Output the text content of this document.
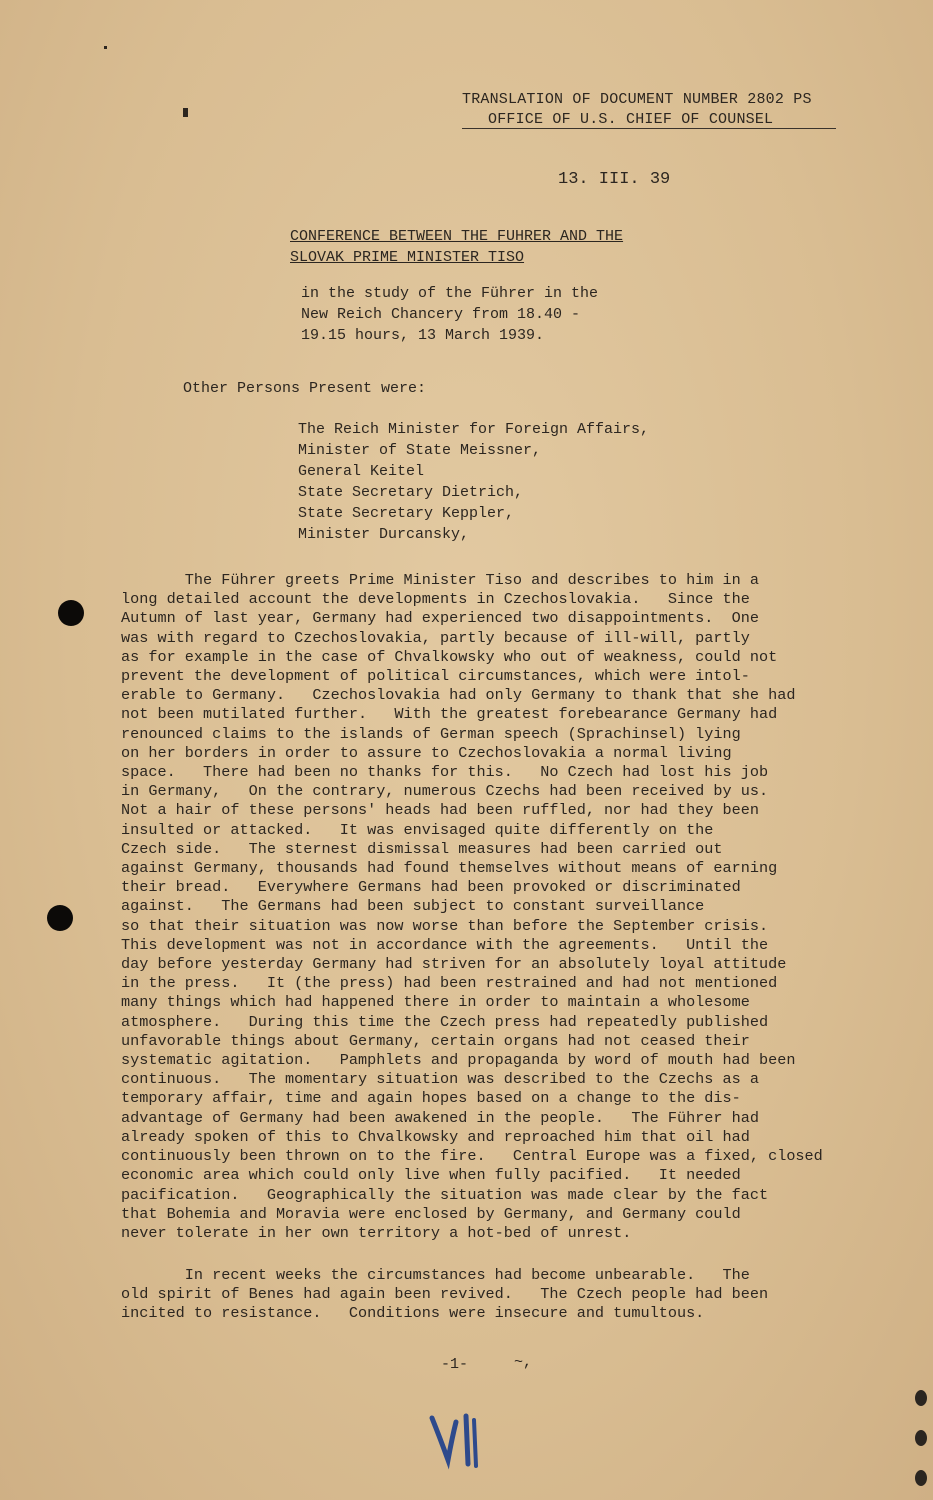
TRANSLATION OF DOCUMENT NUMBER 2802 PS

OFFICE OF U.S. CHIEF OF COUNSEL
13. III. 39
CONFERENCE BETWEEN THE FUHRER AND THE
SLOVAK PRIME MINISTER TISO
in the study of the Führer in the
New Reich Chancery from 18.40 -
19.15 hours, 13 March 1939.
Other Persons Present were:
The Reich Minister for Foreign Affairs,
Minister of State Meissner,
General Keitel
State Secretary Dietrich,
State Secretary Keppler,
Minister Durcansky,
The Führer greets Prime Minister Tiso and describes to him in a
long detailed account the developments in Czechoslovakia.   Since the
Autumn of last year, Germany had experienced two disappointments.  One
was with regard to Czechoslovakia, partly because of ill-will, partly
as for example in the case of Chvalkowsky who out of weakness, could not
prevent the development of political circumstances, which were intol-
erable to Germany.   Czechoslovakia had only Germany to thank that she had
not been mutilated further.   With the greatest forebearance Germany had
renounced claims to the islands of German speech (Sprachinsel) lying
on her borders in order to assure to Czechoslovakia a normal living
space.   There had been no thanks for this.   No Czech had lost his job
in Germany,   On the contrary, numerous Czechs had been received by us.
Not a hair of these persons' heads had been ruffled, nor had they been
insulted or attacked.   It was envisaged quite differently on the
Czech side.   The sternest dismissal measures had been carried out
against Germany, thousands had found themselves without means of earning
their bread.   Everywhere Germans had been provoked or discriminated
against.   The Germans had been subject to constant surveillance
so that their situation was now worse than before the September crisis.
This development was not in accordance with the agreements.   Until the
day before yesterday Germany had striven for an absolutely loyal attitude
in the press.   It (the press) had been restrained and had not mentioned
many things which had happened there in order to maintain a wholesome
atmosphere.   During this time the Czech press had repeatedly published
unfavorable things about Germany, certain organs had not ceased their
systematic agitation.   Pamphlets and propaganda by word of mouth had been
continuous.   The momentary situation was described to the Czechs as a
temporary affair, time and again hopes based on a change to the dis-
advantage of Germany had been awakened in the people.   The Führer had
already spoken of this to Chvalkowsky and reproached him that oil had
continuously been thrown on to the fire.   Central Europe was a fixed, closed
economic area which could only live when fully pacified.   It needed
pacification.   Geographically the situation was made clear by the fact
that Bohemia and Moravia were enclosed by Germany, and Germany could
never tolerate in her own territory a hot-bed of unrest.
In recent weeks the circumstances had become unbearable.   The
old spirit of Benes had again been revived.   The Czech people had been
incited to resistance.   Conditions were insecure and tumultous.
-1-	~,
